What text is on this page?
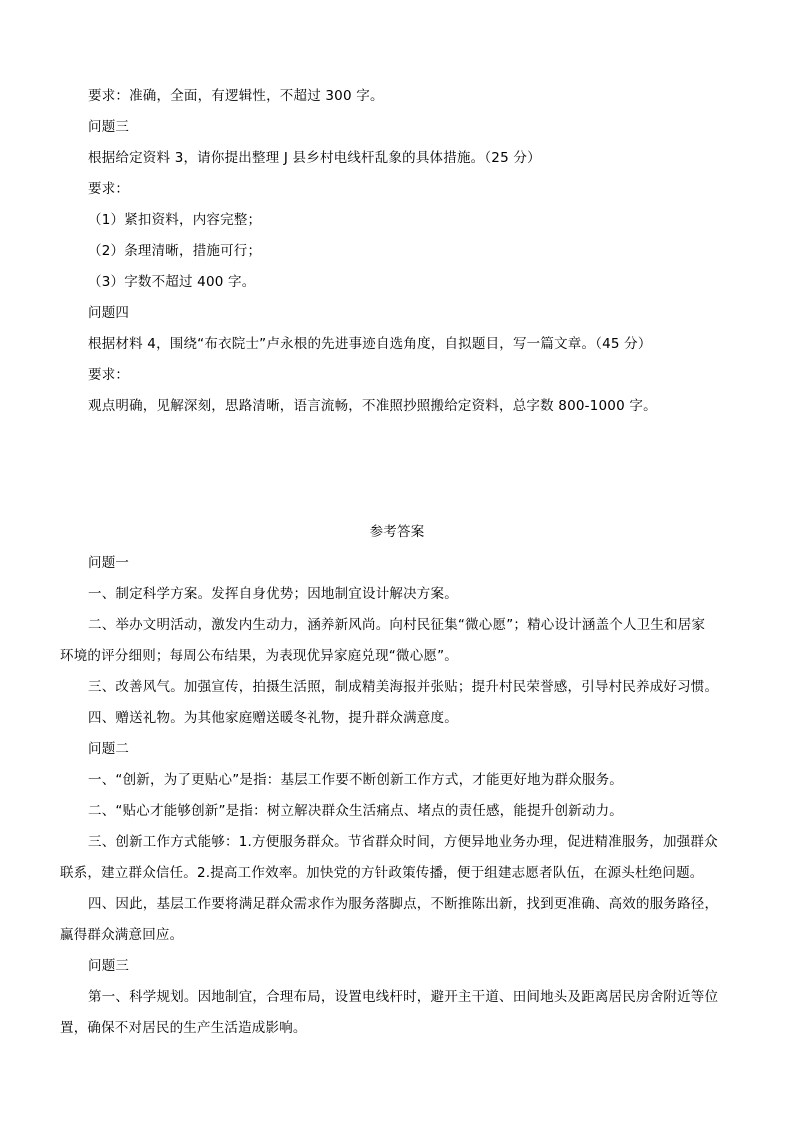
要求：准确，全面，有逻辑性，不超过 300 字。
问题三
根据给定资料 3，请你提出整理 J 县乡村电线杆乱象的具体措施。（25 分）
要求：
（1）紧扣资料，内容完整；
（2）条理清晰，措施可行；
（3）字数不超过 400 字。
问题四
根据材料 4，围绕“布衣院士”卢永根的先进事迹自选角度，自拟题目，写一篇文章。（45 分）
要求：
观点明确，见解深刻，思路清晰，语言流畅，不准照抄照搬给定资料，总字数 800-1000 字。
参考答案
问题一
一、制定科学方案。发挥自身优势；因地制宜设计解决方案。
二、举办文明活动，激发内生动力，涵养新风尚。向村民征集“微心愿”；精心设计涵盖个人卫生和居家
环境的评分细则；每周公布结果，为表现优异家庭兑现“微心愿”。
三、改善风气。加强宣传，拍摄生活照，制成精美海报并张贴；提升村民荣誉感，引导村民养成好习惯。
四、赠送礼物。为其他家庭赠送暖冬礼物，提升群众满意度。
问题二
一、“创新，为了更贴心”是指：基层工作要不断创新工作方式，才能更好地为群众服务。
二、“贴心才能够创新”是指：树立解决群众生活痛点、堵点的责任感，能提升创新动力。
三、创新工作方式能够：1.方便服务群众。节省群众时间，方便异地业务办理，促进精准服务，加强群众
联系，建立群众信任。2.提高工作效率。加快党的方针政策传播，便于组建志愿者队伍，在源头杜绝问题。
四、因此，基层工作要将满足群众需求作为服务落脚点，不断推陈出新，找到更准确、高效的服务路径，
赢得群众满意回应。
问题三
第一、科学规划。因地制宜，合理布局，设置电线杆时，避开主干道、田间地头及距离居民房舍附近等位
置，确保不对居民的生产生活造成影响。
